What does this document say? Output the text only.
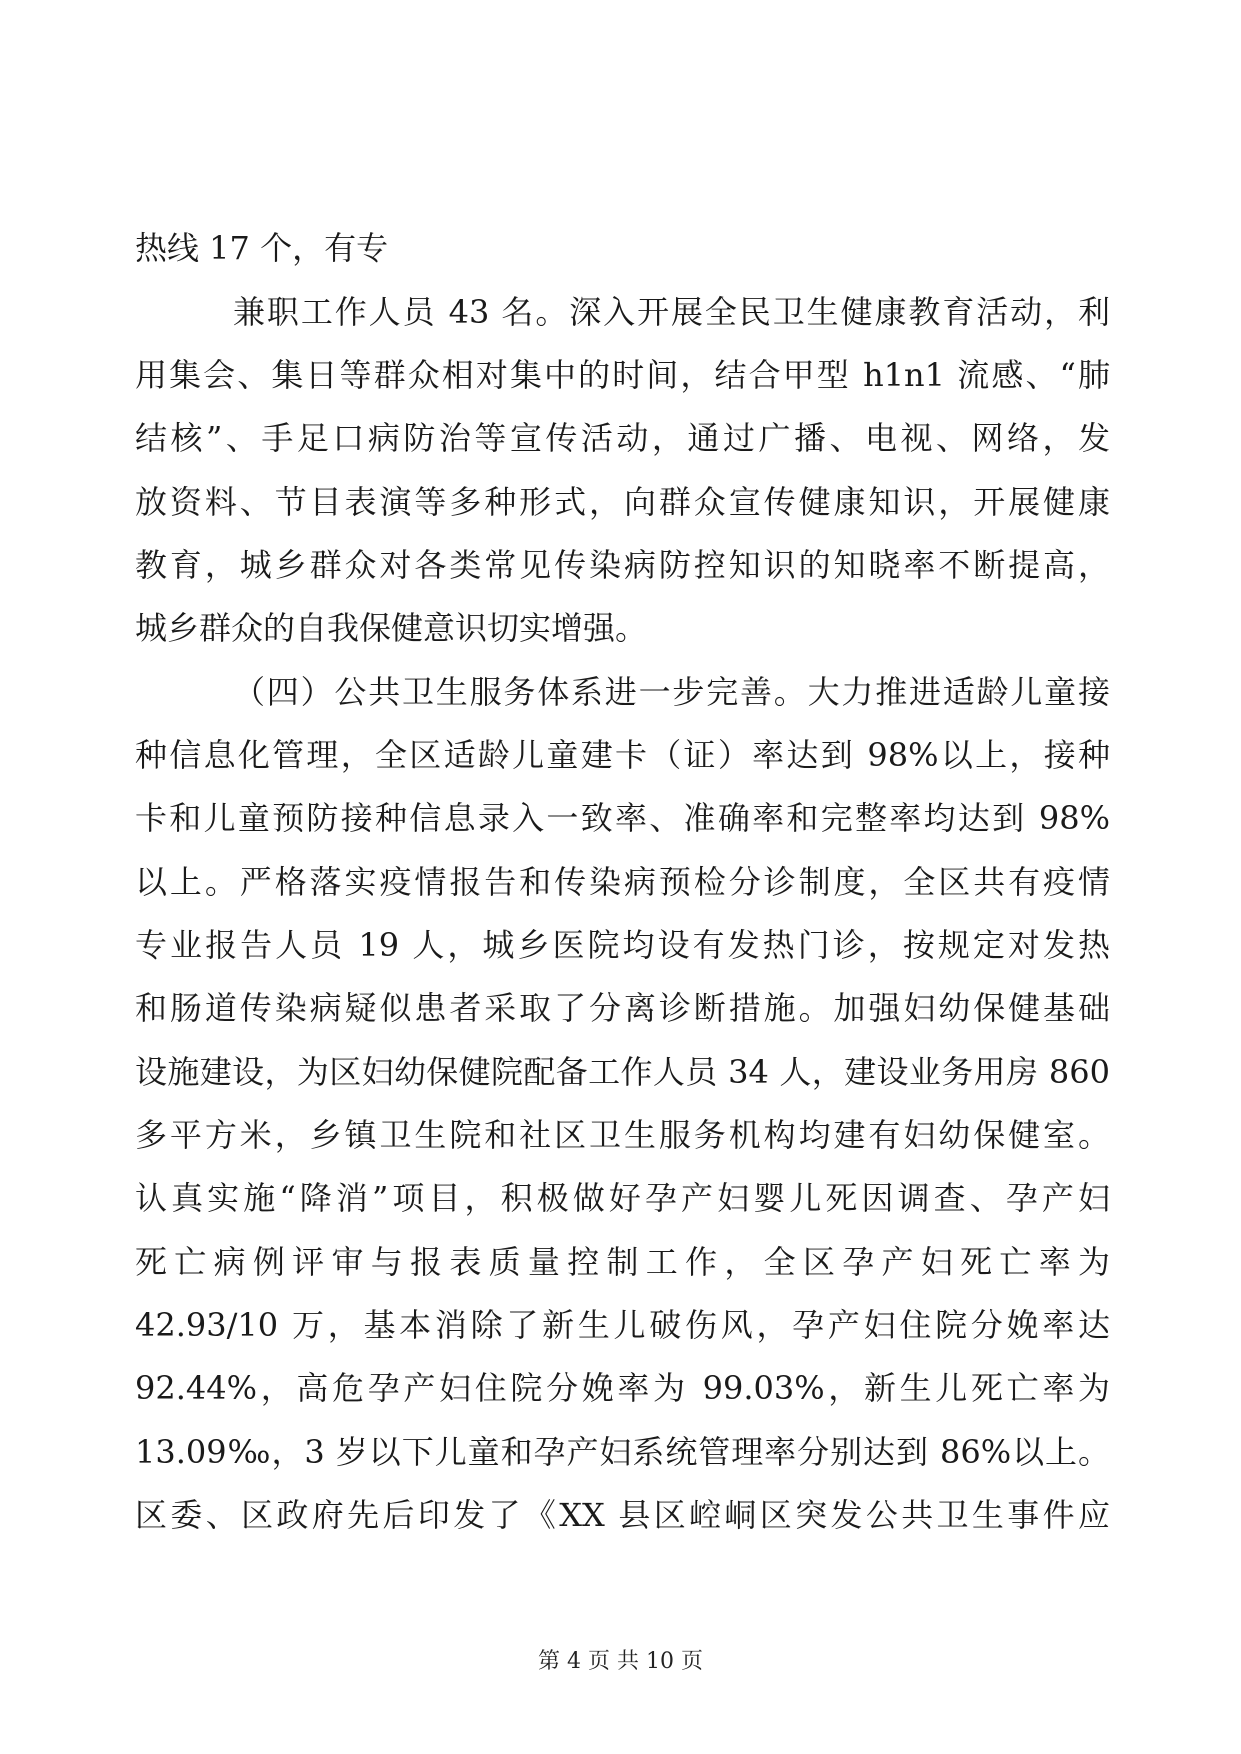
热线 17 个，有专
兼职工作人员 43 名。深入开展全民卫生健康教育活动，利
用集会、集日等群众相对集中的时间，结合甲型 h1n1 流感、“肺
结核”、手足口病防治等宣传活动，通过广播、电视、网络，发
放资料、节目表演等多种形式，向群众宣传健康知识，开展健康
教育，城乡群众对各类常见传染病防控知识的知晓率不断提高，
城乡群众的自我保健意识切实增强。
（四）公共卫生服务体系进一步完善。大力推进适龄儿童接
种信息化管理，全区适龄儿童建卡（证）率达到 98%以上，接种
卡和儿童预防接种信息录入一致率、准确率和完整率均达到 98%
以上。严格落实疫情报告和传染病预检分诊制度，全区共有疫情
专业报告人员 19 人，城乡医院均设有发热门诊，按规定对发热
和肠道传染病疑似患者采取了分离诊断措施。加强妇幼保健基础
设施建设，为区妇幼保健院配备工作人员 34 人，建设业务用房 860
多平方米，乡镇卫生院和社区卫生服务机构均建有妇幼保健室。
认真实施“降消”项目，积极做好孕产妇婴儿死因调查、孕产妇
死亡病例评审与报表质量控制工作，全区孕产妇死亡率为
42.93/10 万，基本消除了新生儿破伤风，孕产妇住院分娩率达
92.44%，高危孕产妇住院分娩率为 99.03%，新生儿死亡率为
13.09‰，3 岁以下儿童和孕产妇系统管理率分别达到 86%以上。
区委、区政府先后印发了《XX 县区崆峒区突发公共卫生事件应
第 4 页 共 10 页
